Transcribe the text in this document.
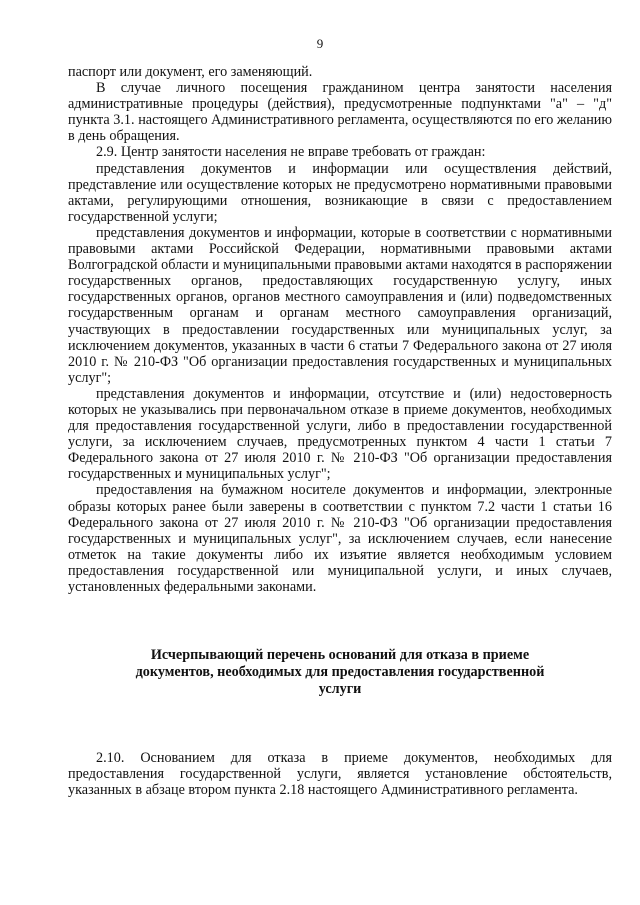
9

паспорт или документ, его заменяющий.

В случае личного посещения гражданином центра занятости населения административные процедуры (действия), предусмотренные подпунктами "а" – "д" пункта 3.1. настоящего Административного регламента, осуществляются по его желанию в день обращения.

2.9. Центр занятости населения не вправе требовать от граждан:

представления документов и информации или осуществления действий, представление или осуществление которых не предусмотрено нормативными правовыми актами, регулирующими отношения, возникающие в связи с предоставлением государственной услуги;

представления документов и информации, которые в соответствии с нормативными правовыми актами Российской Федерации, нормативными правовыми актами Волгоградской области и муниципальными правовыми актами находятся в распоряжении государственных органов, предоставляющих государственную услугу, иных государственных органов, органов местного самоуправления и (или) подведомственных государственным органам и органам местного самоуправления организаций, участвующих в предоставлении государственных или муниципальных услуг, за исключением документов, указанных в части 6 статьи 7 Федерального закона от 27 июля 2010 г. № 210-ФЗ "Об организации предоставления государственных и муниципальных услуг";

представления документов и информации, отсутствие и (или) недостоверность которых не указывались при первоначальном отказе в приеме документов, необходимых для предоставления государственной услуги, либо в предоставлении государственной услуги, за исключением случаев, предусмотренных пунктом 4 части 1 статьи 7 Федерального закона от 27 июля 2010 г. № 210-ФЗ "Об организации предоставления государственных и муниципальных услуг";

предоставления на бумажном носителе документов и информации, электронные образы которых ранее были заверены в соответствии с пунктом 7.2 части 1 статьи 16 Федерального закона от 27 июля 2010 г. № 210-ФЗ "Об организации предоставления государственных и муниципальных услуг", за исключением случаев, если нанесение отметок на такие документы либо их изъятие является необходимым условием предоставления государственной или муниципальной услуги, и иных случаев, установленных федеральными законами.

Исчерпывающий перечень оснований для отказа в приеме документов, необходимых для предоставления государственной услуги

2.10. Основанием для отказа в приеме документов, необходимых для предоставления государственной услуги, является установление обстоятельств, указанных в абзаце втором пункта 2.18 настоящего Административного регламента.
